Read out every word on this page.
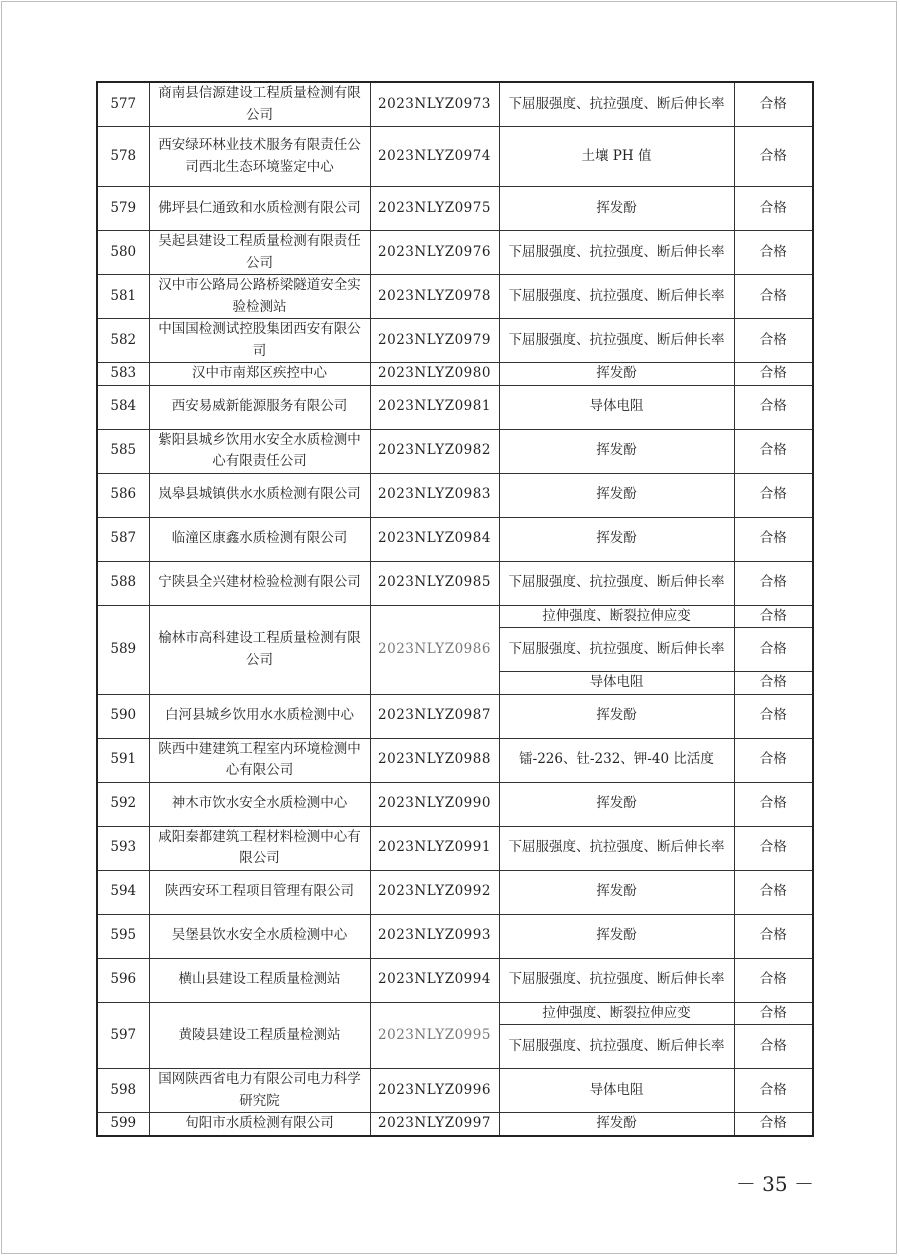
577	商南县信源建设工程质量检测有限公司	2023NLYZ0973	下屈服强度、抗拉强度、断后伸长率	合格
578	西安绿环林业技术服务有限责任公司西北生态环境鉴定中心	2023NLYZ0974	土壤 PH 值	合格
579	佛坪县仁通致和水质检测有限公司	2023NLYZ0975	挥发酚	合格
580	吴起县建设工程质量检测有限责任公司	2023NLYZ0976	下屈服强度、抗拉强度、断后伸长率	合格
581	汉中市公路局公路桥梁隧道安全实验检测站	2023NLYZ0978	下屈服强度、抗拉强度、断后伸长率	合格
582	中国国检测试控股集团西安有限公司	2023NLYZ0979	下屈服强度、抗拉强度、断后伸长率	合格
583	汉中市南郑区疾控中心	2023NLYZ0980	挥发酚	合格
584	西安易威新能源服务有限公司	2023NLYZ0981	导体电阻	合格
585	紫阳县城乡饮用水安全水质检测中心有限责任公司	2023NLYZ0982	挥发酚	合格
586	岚皋县城镇供水水质检测有限公司	2023NLYZ0983	挥发酚	合格
587	临潼区康鑫水质检测有限公司	2023NLYZ0984	挥发酚	合格
588	宁陕县全兴建材检验检测有限公司	2023NLYZ0985	下屈服强度、抗拉强度、断后伸长率	合格
589	榆林市高科建设工程质量检测有限公司	2023NLYZ0986	拉伸强度、断裂拉伸应变	合格
			下屈服强度、抗拉强度、断后伸长率	合格
			导体电阻	合格
590	白河县城乡饮用水水质检测中心	2023NLYZ0987	挥发酚	合格
591	陕西中建建筑工程室内环境检测中心有限公司	2023NLYZ0988	镭-226、钍-232、钾-40 比活度	合格
592	神木市饮水安全水质检测中心	2023NLYZ0990	挥发酚	合格
593	咸阳秦都建筑工程材料检测中心有限公司	2023NLYZ0991	下屈服强度、抗拉强度、断后伸长率	合格
594	陕西安环工程项目管理有限公司	2023NLYZ0992	挥发酚	合格
595	吴堡县饮水安全水质检测中心	2023NLYZ0993	挥发酚	合格
596	横山县建设工程质量检测站	2023NLYZ0994	下屈服强度、抗拉强度、断后伸长率	合格
597	黄陵县建设工程质量检测站	2023NLYZ0995	拉伸强度、断裂拉伸应变	合格
			下屈服强度、抗拉强度、断后伸长率	合格
598	国网陕西省电力有限公司电力科学研究院	2023NLYZ0996	导体电阻	合格
599	旬阳市水质检测有限公司	2023NLYZ0997	挥发酚	合格
－ 35 －
